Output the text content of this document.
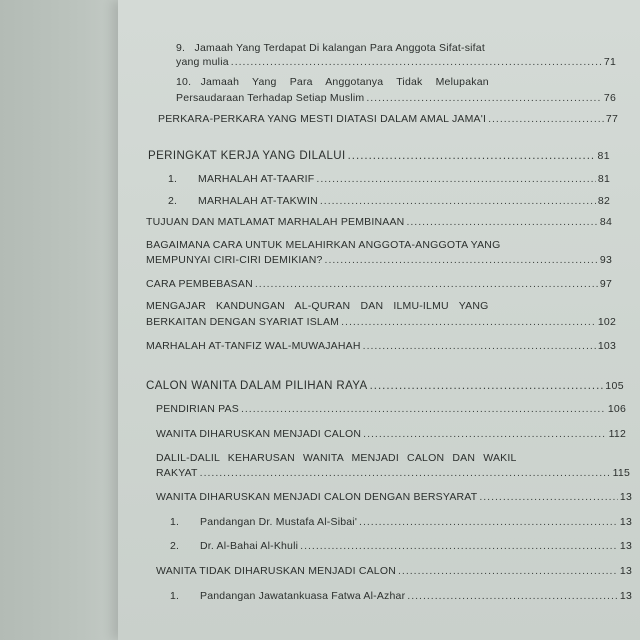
9. Jamaah Yang Terdapat Di kalangan Para Anggota Sifat-sifat
yang mulia .....	71
10. Jamaah Yang Para Anggotanya Tidak Melupakan
Persaudaraan Terhadap Setiap Muslim .....	76
PERKARA-PERKARA YANG MESTI DIATASI DALAM AMAL JAMA'I .....	77
PERINGKAT KERJA YANG DILALUI .....	81
1.	MARHALAH AT-TAARIF .....	81
2.	MARHALAH AT-TAKWIN .....	82
TUJUAN DAN MATLAMAT MARHALAH PEMBINAAN .....	84
BAGAIMANA CARA UNTUK MELAHIRKAN ANGGOTA-ANGGOTA YANG
MEMPUNYAI CIRI-CIRI DEMIKIAN? .....	93
CARA PEMBEBASAN .....	97
MENGAJAR KANDUNGAN AL-QURAN DAN ILMU-ILMU YANG
BERKAITAN DENGAN SYARIAT ISLAM .....	102
MARHALAH AT-TANFIZ WAL-MUWAJAHAH .....	103
CALON WANITA DALAM PILIHAN RAYA .....	105
PENDIRIAN PAS .....	106
WANITA DIHARUSKAN MENJADI CALON .....	112
DALIL-DALIL KEHARUSAN WANITA MENJADI CALON DAN WAKIL
RAKYAT .....	115
WANITA DIHARUSKAN MENJADI CALON DENGAN BERSYARAT .....	13
1.	Pandangan Dr. Mustafa Al-Sibai' .....	13
2.	Dr. Al-Bahai Al-Khuli .....	13
WANITA TIDAK DIHARUSKAN MENJADI CALON .....	13
1.	Pandangan Jawatankuasa Fatwa Al-Azhar .....	13
